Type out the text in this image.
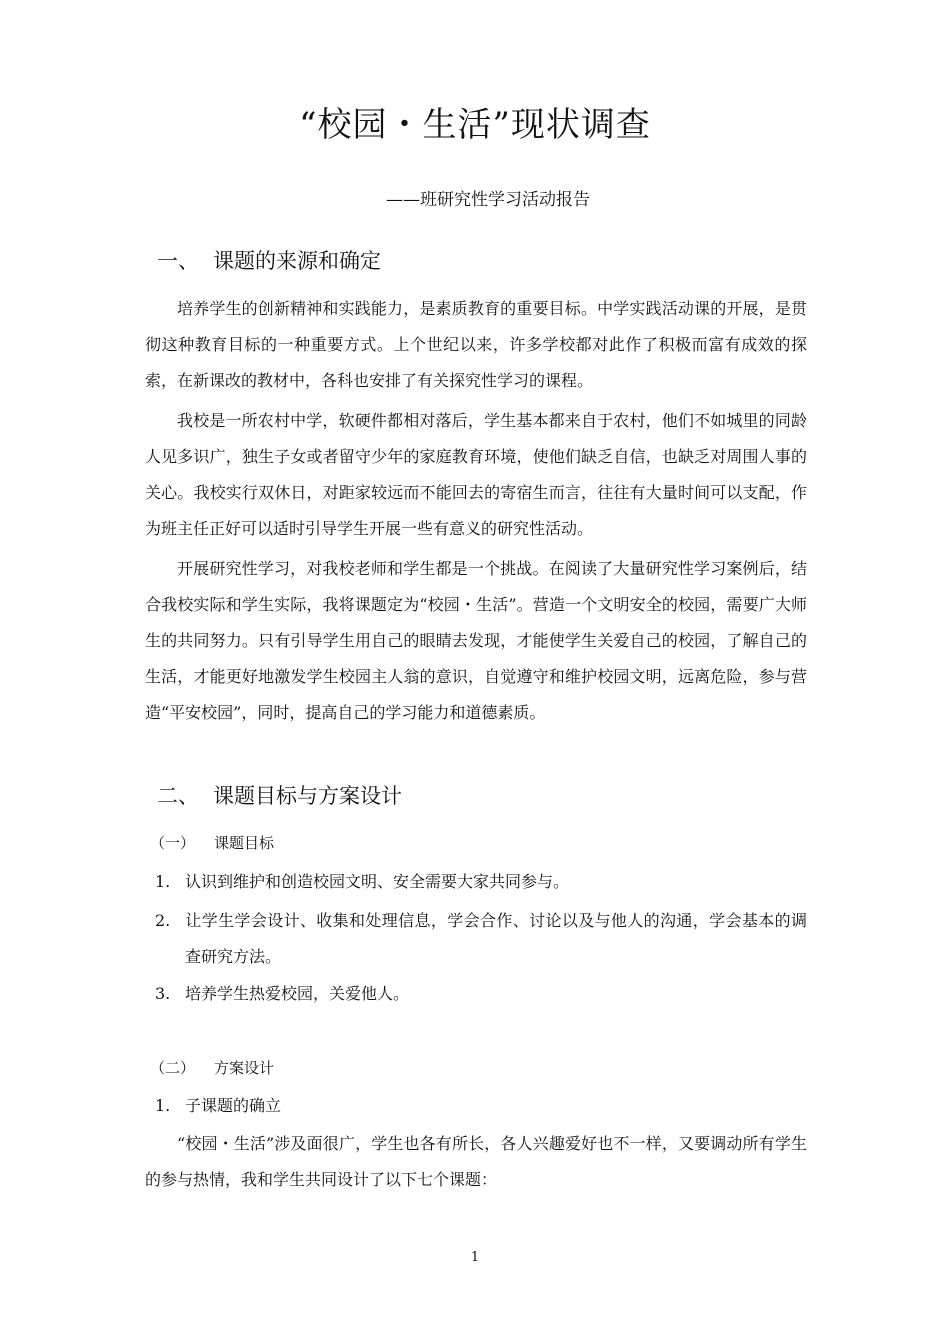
“校园・生活”现状调查
——班研究性学习活动报告
一、 课题的来源和确定

培养学生的创新精神和实践能力，是素质教育的重要目标。中学实践活动课的开展，是贯彻这种教育目标的一种重要方式。上个世纪以来，许多学校都对此作了积极而富有成效的探索，在新课改的教材中，各科也安排了有关探究性学习的课程。

我校是一所农村中学，软硬件都相对落后，学生基本都来自于农村，他们不如城里的同龄人见多识广，独生子女或者留守少年的家庭教育环境，使他们缺乏自信，也缺乏对周围人事的关心。我校实行双休日，对距家较远而不能回去的寄宿生而言，往往有大量时间可以支配，作为班主任正好可以适时引导学生开展一些有意义的研究性活动。

开展研究性学习，对我校老师和学生都是一个挑战。在阅读了大量研究性学习案例后，结合我校实际和学生实际，我将课题定为“校园・生活”。营造一个文明安全的校园，需要广大师生的共同努力。只有引导学生用自己的眼睛去发现，才能使学生关爱自己的校园，了解自己的生活，才能更好地激发学生校园主人翁的意识，自觉遵守和维护校园文明，远离危险，参与营造“平安校园”，同时，提高自己的学习能力和道德素质。

二、 课题目标与方案设计
（一） 课题目标
1. 认识到维护和创造校园文明、安全需要大家共同参与。
2. 让学生学会设计、收集和处理信息，学会合作、讨论以及与他人的沟通，学会基本的调查研究方法。
3. 培养学生热爱校园，关爱他人。
（二） 方案设计
1. 子课题的确立

“校园・生活”涉及面很广，学生也各有所长，各人兴趣爱好也不一样，又要调动所有学生的参与热情，我和学生共同设计了以下七个课题：

1
